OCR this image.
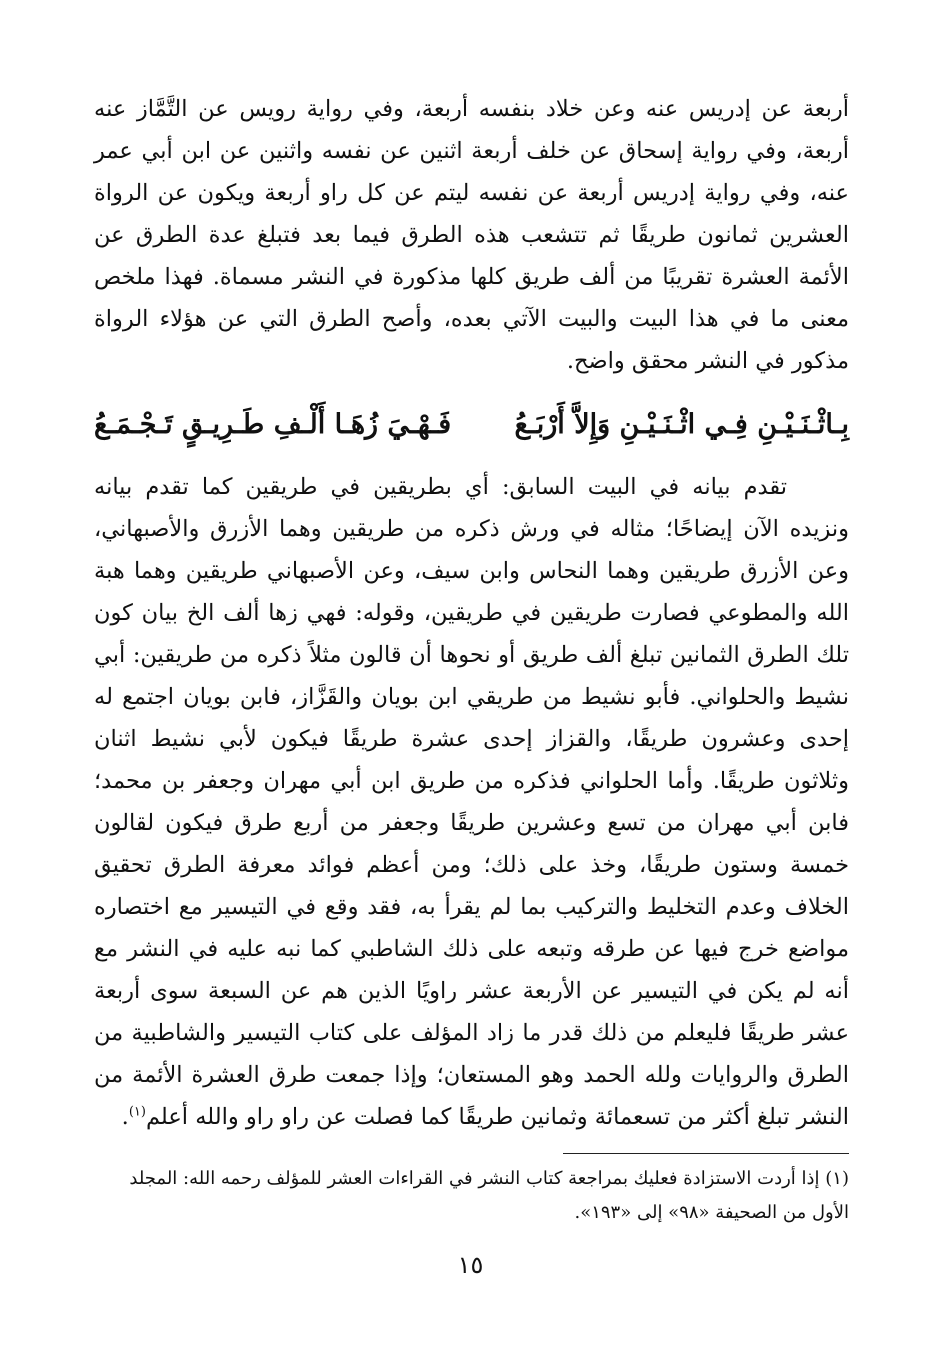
أربعة عن إدريس عنه وعن خلاد بنفسه أربعة، وفي رواية رويس عن التَّمَّاز عنه أربعة، وفي رواية إسحاق عن خلف أربعة اثنين عن نفسه واثنين عن ابن أبي عمر عنه، وفي رواية إدريس أربعة عن نفسه ليتم عن كل راو أربعة ويكون عن الرواة العشرين ثمانون طريقًا ثم تتشعب هذه الطرق فيما بعد فتبلغ عدة الطرق عن الأئمة العشرة تقريبًا من ألف طريق كلها مذكورة في النشر مسماة. فهذا ملخص معنى ما في هذا البيت والبيت الآتي بعده، وأصح الطرق التي عن هؤلاء الرواة مذكور في النشر محقق واضح.

بِـاثْـنَـيْـنِ فِـي اثْـنَـيْـنِ وَإِلاَّ أَرْبَـعُ
فَـهْـيَ زُهَـا أَلْـفِ طَـرِيـقٍ تَـجْـمَـعُ

تقدم بيانه في البيت السابق: أي بطريقين في طريقين كما تقدم بيانه ونزيده الآن إيضاحًا؛ مثاله في ورش ذكره من طريقين وهما الأزرق والأصبهاني، وعن الأزرق طريقين وهما النحاس وابن سيف، وعن الأصبهاني طريقين وهما هبة الله والمطوعي فصارت طريقين في طريقين، وقوله: فهي زها ألف الخ بيان كون تلك الطرق الثمانين تبلغ ألف طريق أو نحوها أن قالون مثلاً ذكره من طريقين: أبي نشيط والحلواني. فأبو نشيط من طريقي ابن بويان والقَزَّاز، فابن بويان اجتمع له إحدى وعشرون طريقًا، والقزاز إحدى عشرة طريقًا فيكون لأبي نشيط اثنان وثلاثون طريقًا. وأما الحلواني فذكره من طريق ابن أبي مهران وجعفر بن محمد؛ فابن أبي مهران من تسع وعشرين طريقًا وجعفر من أربع طرق فيكون لقالون خمسة وستون طريقًا، وخذ على ذلك؛ ومن أعظم فوائد معرفة الطرق تحقيق الخلاف وعدم التخليط والتركيب بما لم يقرأ به، فقد وقع في التيسير مع اختصاره مواضع خرج فيها عن طرقه وتبعه على ذلك الشاطبي كما نبه عليه في النشر مع أنه لم يكن في التيسير عن الأربعة عشر راويًا الذين هم عن السبعة سوى أربعة عشر طريقًا فليعلم من ذلك قدر ما زاد المؤلف على كتاب التيسير والشاطبية من الطرق والروايات ولله الحمد وهو المستعان؛ وإذا جمعت طرق العشرة الأئمة من النشر تبلغ أكثر من تسعمائة وثمانين طريقًا كما فصلت عن راو راو والله أعلم$^{(١)}$.

(١) إذا أردت الاستزادة فعليك بمراجعة كتاب النشر في القراءات العشر للمؤلف رحمه الله: المجلد الأول من الصحيفة «٩٨» إلى «١٩٣».

١٥
